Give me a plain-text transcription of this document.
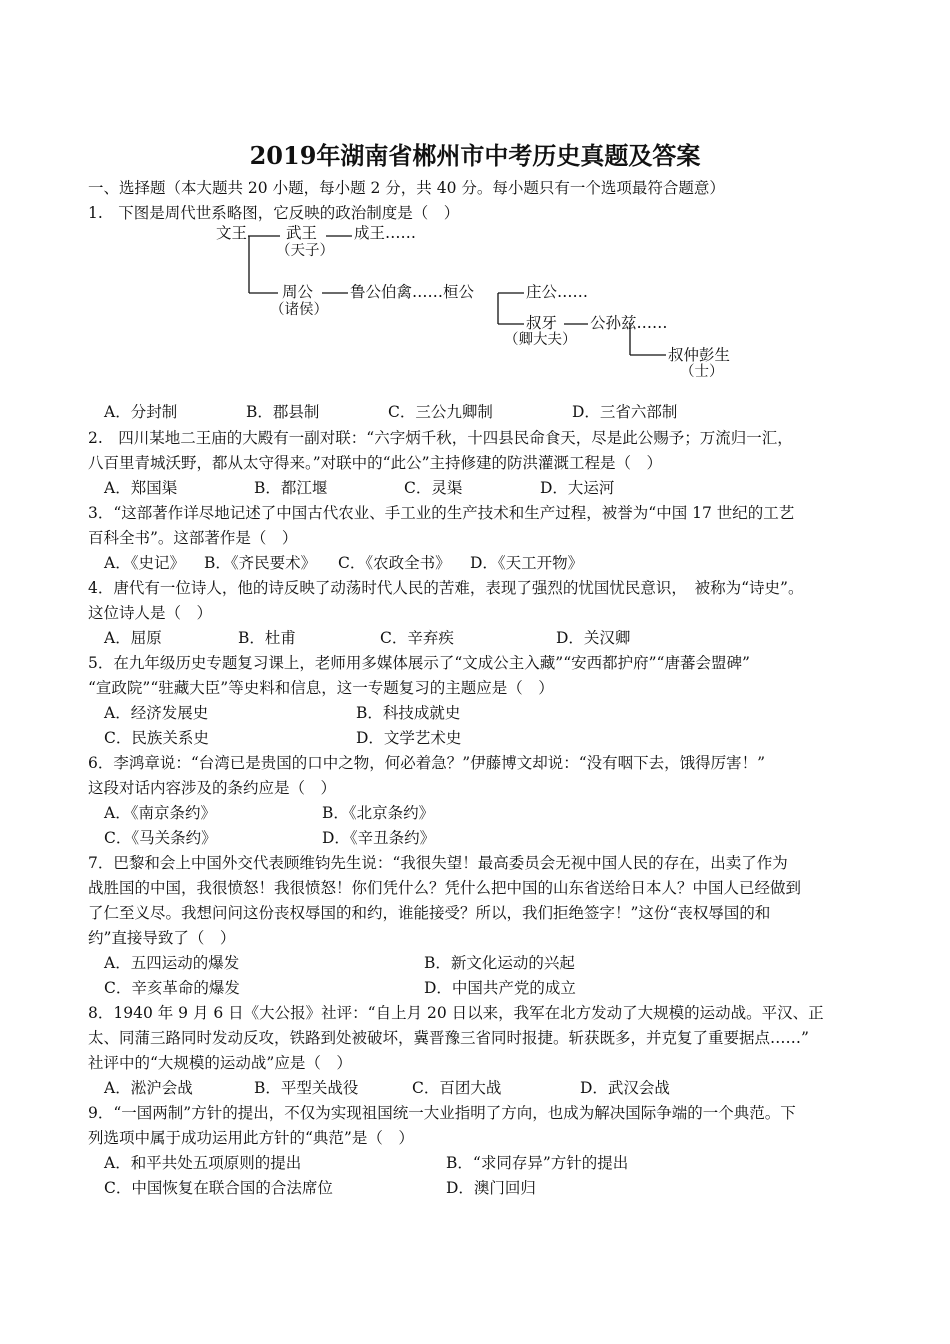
2019年湖南省郴州市中考历史真题及答案

一、选择题（本大题共 20 小题，每小题 2 分，共 40 分。每小题只有一个选项最符合题意）

1.　下图是周代世系略图，它反映的政治制度是（　）

文王	武王
（天子）
成王……
周公
（诸侯）
鲁公伯禽……桓公	庄公……
叔牙 公孙兹……
（卿大夫）
叔仲彭生
（士）
A．分封制	B．郡县制	C．三公九卿制	D．三省六部制

2.　四川某地二王庙的大殿有一副对联：“六字炳千秋，十四县民命食天，尽是此公赐予；万流归一汇，

八百里青城沃野，都从太守得来。”对联中的“此公”主持修建的防洪灌溉工程是（　）

A．郑国渠	B．都江堰	C．灵渠	D．大运河

3．“这部著作详尽地记述了中国古代农业、手工业的生产技术和生产过程，被誉为“中国 17 世纪的工艺

百科全书”。这部著作是（　）

A．《史记》 B．《齐民要术》 C．《农政全书》 D．《天工开物》

4．唐代有一位诗人，他的诗反映了动荡时代人民的苦难，表现了强烈的忧国忧民意识，　被称为“诗史”。

这位诗人是（　）

A．屈原	B．杜甫	C．辛弃疾	D．关汉卿

5．在九年级历史专题复习课上，老师用多媒体展示了“文成公主入藏”“安西都护府”“唐蕃会盟碑”

“宣政院”“驻藏大臣”等史料和信息，这一专题复习的主题应是（　）

A．经济发展史	B．科技成就史
C．民族关系史	D．文学艺术史

6．李鸿章说：“台湾已是贵国的口中之物，何必着急？”伊藤博文却说：“没有咽下去，饿得厉害！”

这段对话内容涉及的条约应是（　）

A．《南京条约》	B．《北京条约》
C．《马关条约》	D．《辛丑条约》

7．巴黎和会上中国外交代表顾维钧先生说：“我很失望！最高委员会无视中国人民的存在，出卖了作为

战胜国的中国，我很愤怒！我很愤怒！你们凭什么？凭什么把中国的山东省送给日本人？中国人已经做到

了仁至义尽。我想问问这份丧权辱国的和约，谁能接受？所以，我们拒绝签字！”这份“丧权辱国的和

约”直接导致了（　）

A．五四运动的爆发	B．新文化运动的兴起
C．辛亥革命的爆发	D．中国共产党的成立

8．1940 年 9 月 6 日《大公报》社评：“自上月 20 日以来，我军在北方发动了大规模的运动战。平汉、正

太、同蒲三路同时发动反攻，铁路到处被破坏，冀晋豫三省同时报捷。斩获既多，并克复了重要据点……”

社评中的“大规模的运动战”应是（　）

A．淞沪会战	B．平型关战役	C．百团大战	D．武汉会战

9．“一国两制”方针的提出，不仅为实现祖国统一大业指明了方向，也成为解决国际争端的一个典范。下

列选项中属于成功运用此方针的“典范”是（　）

A．和平共处五项原则的提出	B．“求同存异”方针的提出
C．中国恢复在联合国的合法席位	D．澳门回归
